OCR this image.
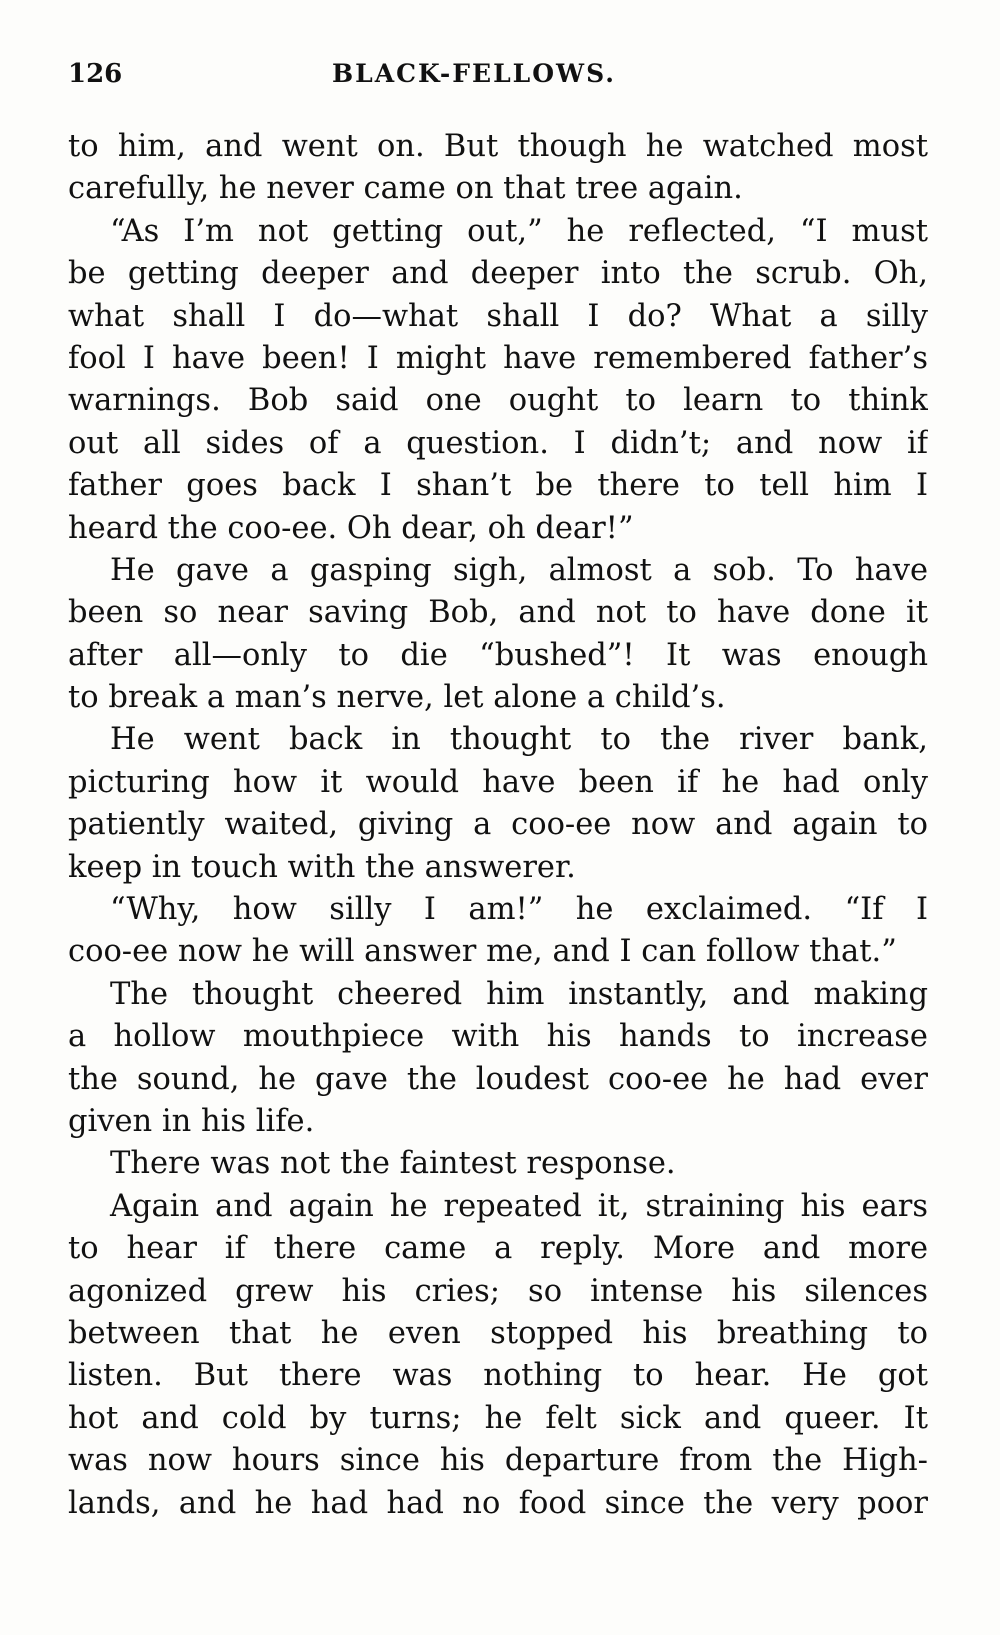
126	BLACK-FELLOWS.

to him, and went on. But though he watched most
carefully, he never came on that tree again.

“As I’m not getting out,” he reflected, “I must
be getting deeper and deeper into the scrub. Oh,
what shall I do—what shall I do? What a silly
fool I have been! I might have remembered father’s
warnings. Bob said one ought to learn to think
out all sides of a question. I didn’t; and now if
father goes back I shan’t be there to tell him I
heard the coo-ee. Oh dear, oh dear!”

He gave a gasping sigh, almost a sob. To have
been so near saving Bob, and not to have done it
after all—only to die “bushed”! It was enough
to break a man’s nerve, let alone a child’s.

He went back in thought to the river bank,
picturing how it would have been if he had only
patiently waited, giving a coo-ee now and again to
keep in touch with the answerer.

“Why, how silly I am!” he exclaimed. “If I
coo-ee now he will answer me, and I can follow that.”

The thought cheered him instantly, and making
a hollow mouthpiece with his hands to increase
the sound, he gave the loudest coo-ee he had ever
given in his life.

There was not the faintest response.

Again and again he repeated it, straining his ears
to hear if there came a reply. More and more
agonized grew his cries; so intense his silences
between that he even stopped his breathing to
listen. But there was nothing to hear. He got
hot and cold by turns; he felt sick and queer. It
was now hours since his departure from the High-
lands, and he had had no food since the very poor
